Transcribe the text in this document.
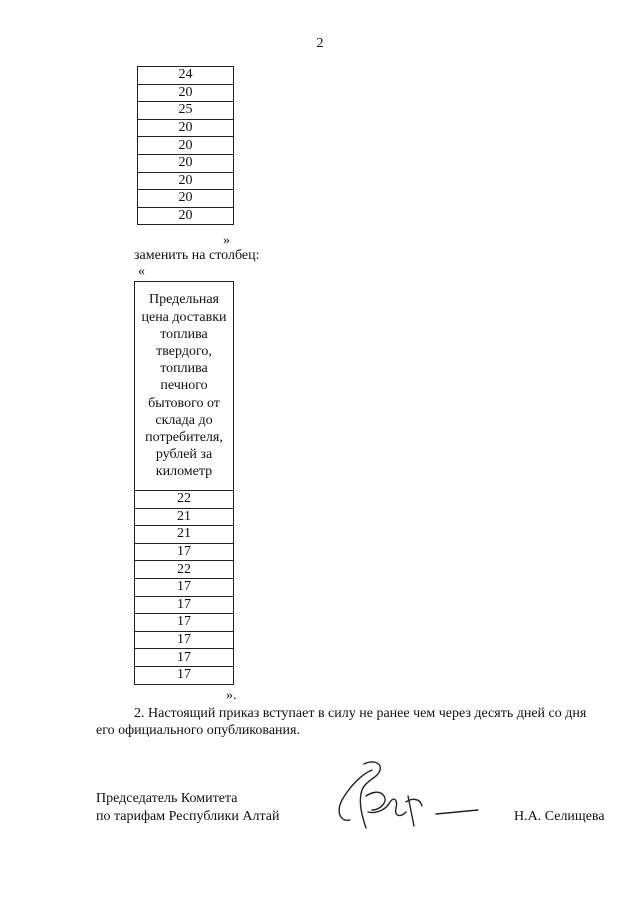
2
24
20
25
20
20
20
20
20
20
»
заменить на столбец:
«
Предельная цена доставки топлива твердого, топлива печного бытового от склада до потребителя, рублей за километр
22
21
21
17
22
17
17
17
17
17
17
».
2. Настоящий приказ вступает в силу не ранее чем через десять дней со дня
его официального опубликования.
Председатель Комитета
по тарифам Республики Алтай	Н.А. Селищева
